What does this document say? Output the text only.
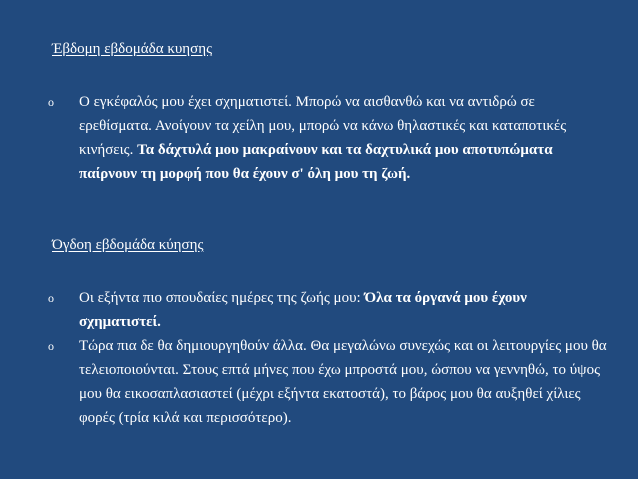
Έβδομη εβδομάδα κυησης
o Ο εγκέφαλός μου έχει σχηματιστεί. Μπορώ να αισθανθώ και να αντιδρώ σε ερεθίσματα. Ανοίγουν τα χείλη μου, μπορώ να κάνω θηλαστικές και καταποτικές κινήσεις. Τα δάχτυλά μου μακραίνουν και τα δαχτυλικά μου αποτυπώματα παίρνουν τη μορφή που θα έχουν σ' όλη μου τη ζωή.
Όγδοη εβδομάδα κύησης
o Οι εξήντα πιο σπουδαίες ημέρες της ζωής μου: Όλα τα όργανά μου έχουν σχηματιστεί.
o Τώρα πια δε θα δημιουργηθούν άλλα. Θα μεγαλώνω συνεχώς και οι λειτουργίες μου θα τελειοποιούνται. Στους επτά μήνες που έχω μπροστά μου, ώσπου να γεννηθώ, το ύψος μου θα εικοσαπλασιαστεί (μέχρι εξήντα εκατοστά), το βάρος μου θα αυξηθεί χίλιες φορές (τρία κιλά και περισσότερο).
